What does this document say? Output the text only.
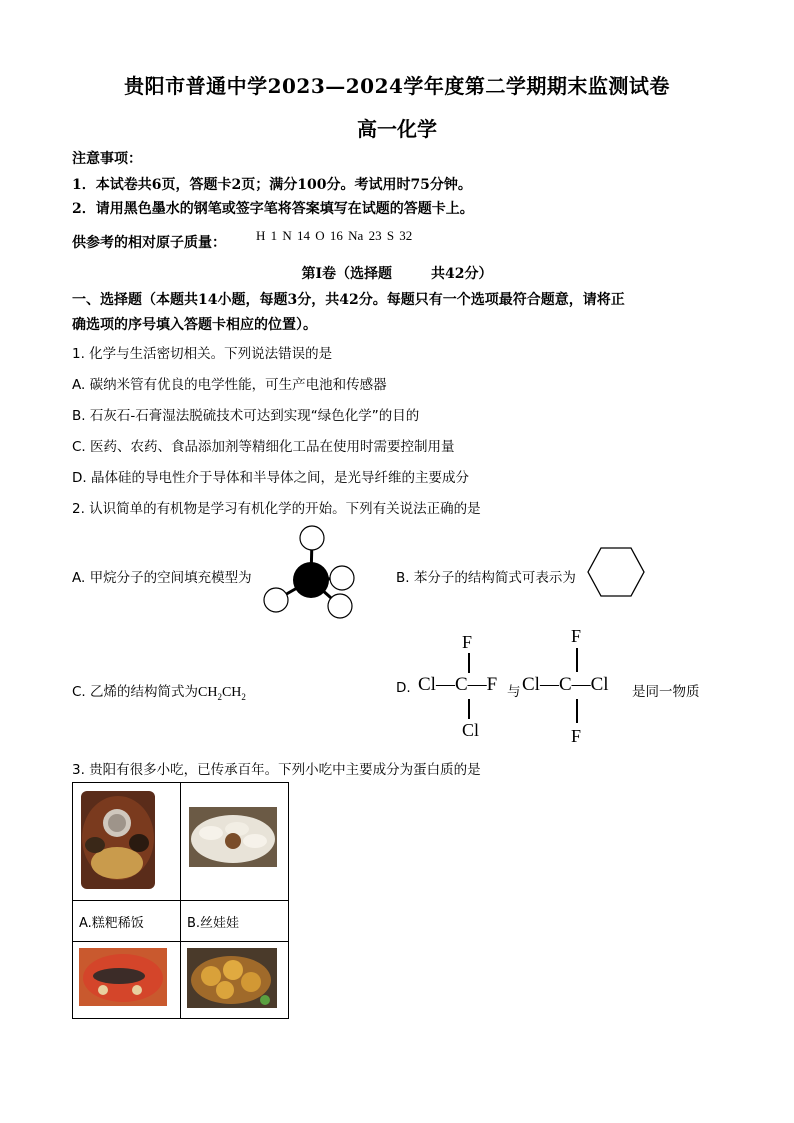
贵阳市普通中学2023—2024学年度第二学期期末监测试卷
高一化学
注意事项：
1．本试卷共6页，答题卡2页；满分100分。考试用时75分钟。
2．请用黑色墨水的钢笔或签字笔将答案填写在试题的答题卡上。
供参考的相对原子质量： H 1 N 14 O 16 Na 23 S 32
第Ⅰ卷（选择题        共42分）
一、选择题（本题共14小题，每题3分，共42分。每题只有一个选项最符合题意，请将正
确选项的序号填入答题卡相应的位置）。
1. 化学与生活密切相关。下列说法错误的是
A. 碳纳米管有优良的电学性能，可生产电池和传感器
B. 石灰石-石膏湿法脱硫技术可达到实现“绿色化学”的目的
C. 医药、农药、食品添加剂等精细化工品在使用时需要控制用量
D. 晶体硅的导电性介于导体和半导体之间，是光导纤维的主要成分
2. 认识简单的有机物是学习有机化学的开始。下列有关说法正确的是
A. 甲烷分子的空间填充模型为	B. 苯分子的结构简式可表示为
C. 乙烯的结构简式为$CH_2CH_2$
D. Cl—C—F
F
Cl
与 Cl—C—Cl
F
F
是同一物质
3. 贵阳有很多小吃，已传承百年。下列小吃中主要成分为蛋白质的是

A.糕粑稀饭	B.丝娃娃
